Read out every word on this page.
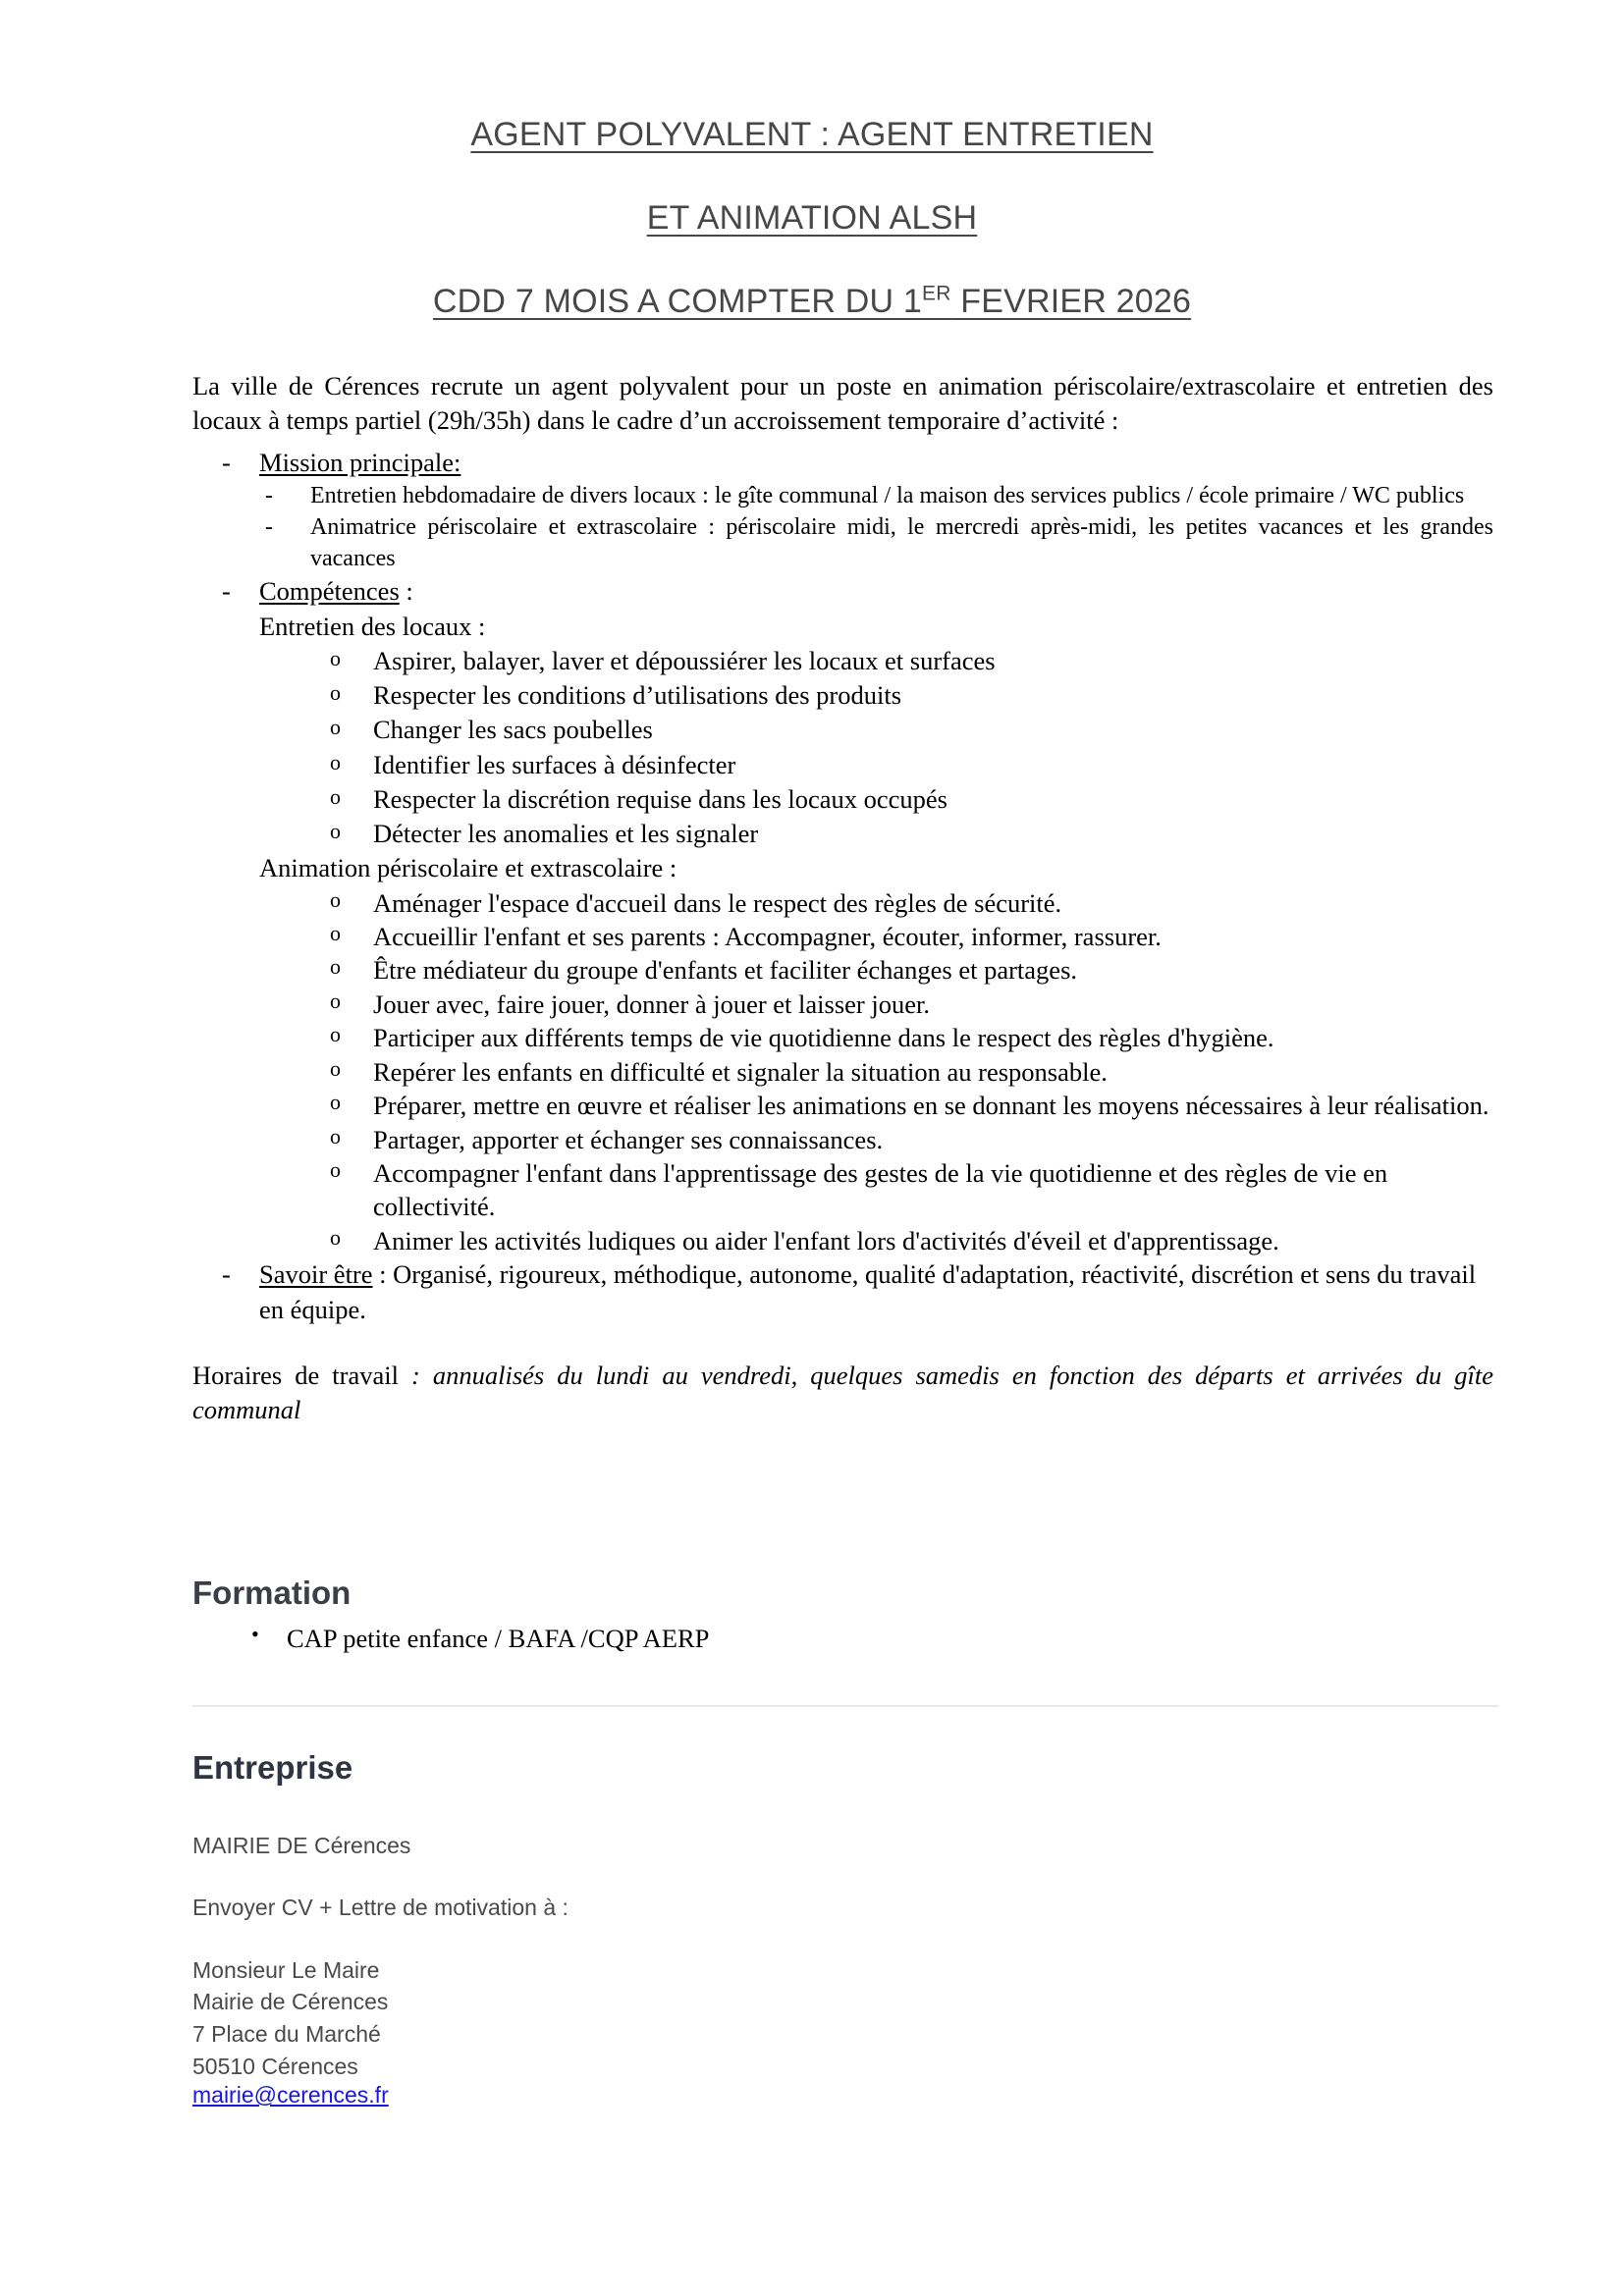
AGENT POLYVALENT : AGENT ENTRETIEN
ET ANIMATION ALSH
CDD 7 MOIS A COMPTER DU 1ER FEVRIER 2026

La ville de Cérences recrute un agent polyvalent pour un poste en animation périscolaire/extrascolaire et entretien des locaux à temps partiel (29h/35h) dans le cadre d’un accroissement temporaire d’activité :

- Mission principale:
- Entretien hebdomadaire de divers locaux : le gîte communal / la maison des services publics / école primaire / WC publics
- Animatrice périscolaire et extrascolaire : périscolaire midi, le mercredi après-midi, les petites vacances et les grandes vacances
- Compétences :
Entretien des locaux :
o Aspirer, balayer, laver et dépoussiérer les locaux et surfaces
o Respecter les conditions d’utilisations des produits
o Changer les sacs poubelles
o Identifier les surfaces à désinfecter
o Respecter la discrétion requise dans les locaux occupés
o Détecter les anomalies et les signaler
Animation périscolaire et extrascolaire :
o Aménager l'espace d'accueil dans le respect des règles de sécurité.
o Accueillir l'enfant et ses parents : Accompagner, écouter, informer, rassurer.
o Être médiateur du groupe d'enfants et faciliter échanges et partages.
o Jouer avec, faire jouer, donner à jouer et laisser jouer.
o Participer aux différents temps de vie quotidienne dans le respect des règles d'hygiène.
o Repérer les enfants en difficulté et signaler la situation au responsable.
o Préparer, mettre en œuvre et réaliser les animations en se donnant les moyens nécessaires à leur réalisation.
o Partager, apporter et échanger ses connaissances.
o Accompagner l'enfant dans l'apprentissage des gestes de la vie quotidienne et des règles de vie en collectivité.
o Animer les activités ludiques ou aider l'enfant lors d'activités d'éveil et d'apprentissage.
- Savoir être : Organisé, rigoureux, méthodique, autonome, qualité d'adaptation, réactivité, discrétion et sens du travail en équipe.
Horaires de travail : annualisés du lundi au vendredi, quelques samedis en fonction des départs et arrivées du gîte communal
Formation
• CAP petite enfance / BAFA /CQP AERP
Entreprise
MAIRIE DE Cérences
Envoyer CV + Lettre de motivation à :
Monsieur Le Maire
Mairie de Cérences
7 Place du Marché
50510 Cérences
mairie@cerences.fr
